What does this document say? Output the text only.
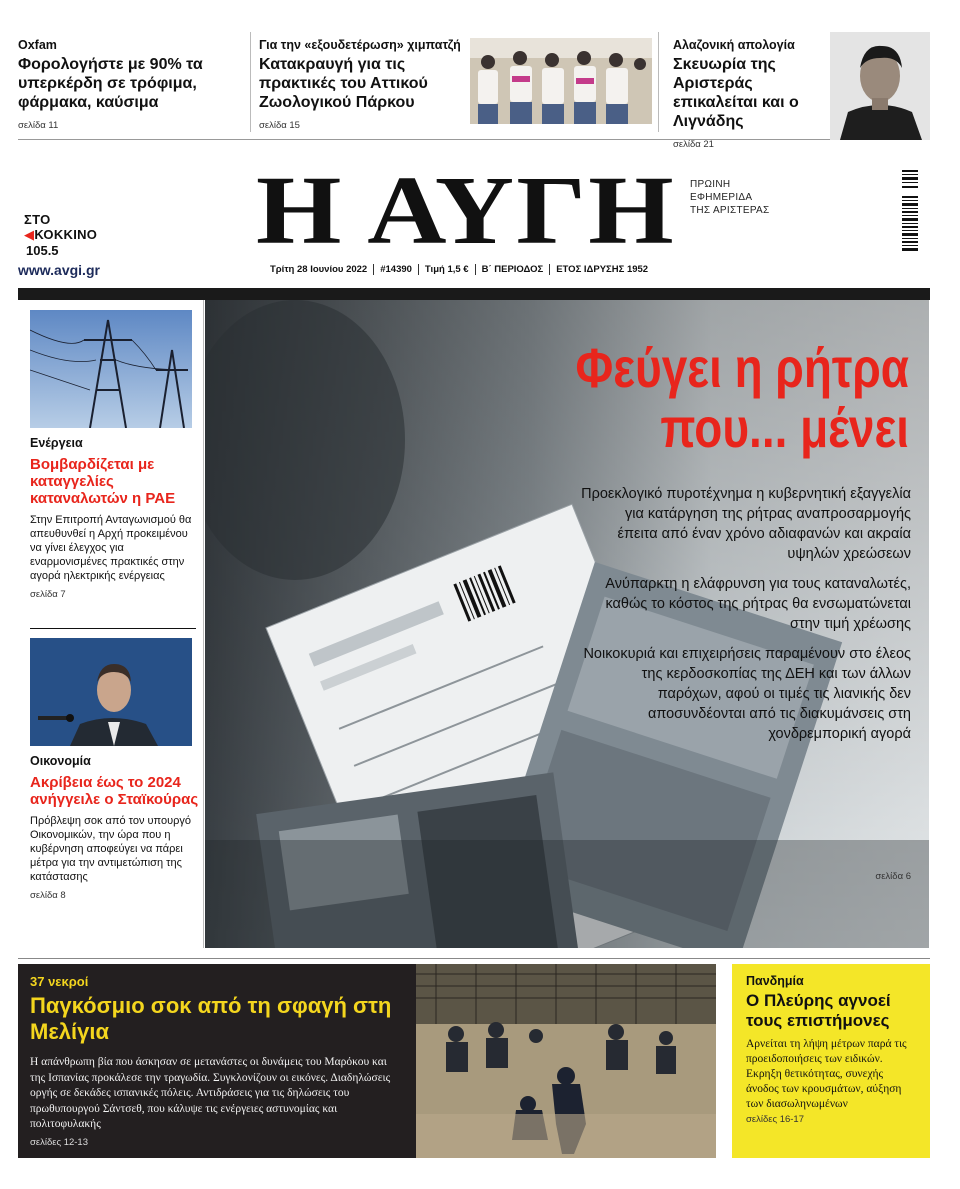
Oxfam
Φορολογήστε με 90% τα υπερκέρδη σε τρόφιμα, φάρμακα, καύσιμα
σελίδα 11
Για την «εξουδετέρωση» χιμπατζή
Κατακραυγή για τις πρακτικές του Αττικού Ζωολογικού Πάρκου
σελίδα 15
Αλαζονική απολογία
Σκευωρία της Αριστεράς επικαλείται και ο Λιγνάδης
σελίδα 21
ΣΤΟ
◀ΚΟΚΚΙΝΟ
105.5
www.avgi.gr
Η ΑΥΓΗ ΠΡΩΙΝΗ
ΕΦΗΜΕΡΙΔΑ
ΤΗΣ ΑΡΙΣΤΕΡΑΣ
Τρίτη 28 Ιουνίου 2022	#14390	Τιμή 1,5 €	Β΄ ΠΕΡΙΟΔΟΣ	ΕΤΟΣ ΙΔΡΥΣΗΣ 1952
Ενέργεια
Βομβαρδίζεται με καταγγελίες καταναλωτών η ΡΑΕ

Στην Επιτροπή Ανταγωνισμού θα απευθυνθεί η Αρχή προκειμένου να γίνει έλεγχος για εναρμονισμένες πρακτικές στην αγορά ηλεκτρικής ενέργειας

σελίδα 7
Οικονομία
Ακρίβεια έως το 2024 ανήγγειλε ο Σταϊκούρας

Πρόβλεψη σοκ από τον υπουργό Οικονομικών, την ώρα που η κυβέρνηση αποφεύγει να πάρει μέτρα για την αντιμετώπιση της κατάστασης

σελίδα 8
Φεύγει η ρήτρα
που... μένει

Προεκλογικό πυροτέχνημα η κυβερνητική εξαγγελία για κατάργηση της ρήτρας αναπροσαρμογής έπειτα από έναν χρόνο αδιαφανών και ακραία υψηλών χρεώσεων

Ανύπαρκτη η ελάφρυνση για τους καταναλωτές, καθώς το κόστος της ρήτρας θα ενσωματώνεται στην τιμή χρέωσης

Νοικοκυριά και επιχειρήσεις παραμένουν στο έλεος της κερδοσκοπίας της ΔΕΗ και των άλλων παρόχων, αφού οι τιμές τις λιανικής δεν αποσυνδέονται από τις διακυμάνσεις στη χονδρεμπορική αγορά

σελίδα 6
37 νεκροί
Παγκόσμιο σοκ από τη σφαγή στη Μελίγια

Η απάνθρωπη βία που άσκησαν σε μετανάστες οι δυνάμεις του Μαρόκου και της Ισπανίας προκάλεσε την τραγωδία. Συγκλονίζουν οι εικόνες. Διαδηλώσεις οργής σε δεκάδες ισπανικές πόλεις. Αντιδράσεις για τις δηλώσεις του πρωθυπουργού Σάντσεθ, που κάλυψε τις ενέργειες αστυνομίας και πολιτοφυλακής

σελίδες 12-13
Πανδημία
Ο Πλεύρης αγνοεί τους επιστήμονες

Αρνείται τη λήψη μέτρων παρά τις προειδοποιήσεις των ειδικών. Εκρηξη θετικότητας, συνεχής άνοδος των κρουσμάτων, αύξηση των διασωληνωμένων

σελίδες 16-17
